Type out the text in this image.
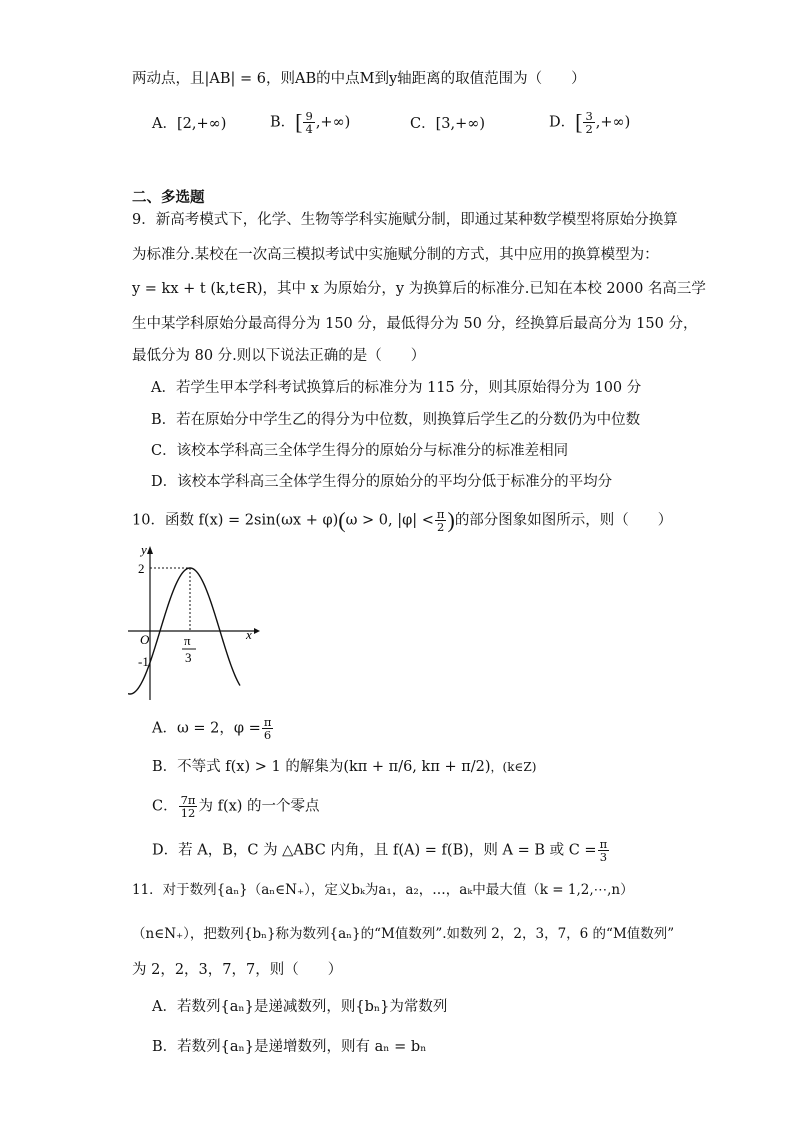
两动点，且|AB| = 6，则AB的中点M到y轴距离的取值范围为（　　）
A．[2,+∞)	B．[ $\frac{9}{4}$ ,+∞)	C．[3,+∞)	D．[ $\frac{3}{2}$ ,+∞)
二、多选题
9．新高考模式下，化学、生物等学科实施赋分制，即通过某种数学模型将原始分换算
为标准分.某校在一次高三模拟考试中实施赋分制的方式，其中应用的换算模型为：
y = kx + t (k,t∈R)，其中 x 为原始分，y 为换算后的标准分.已知在本校 2000 名高三学
生中某学科原始分最高得分为 150 分，最低得分为 50 分，经换算后最高分为 150 分，
最低分为 80 分.则以下说法正确的是（　　）
A．若学生甲本学科考试换算后的标准分为 115 分，则其原始得分为 100 分
B．若在原始分中学生乙的得分为中位数，则换算后学生乙的分数仍为中位数
C．该校本学科高三全体学生得分的原始分与标准分的标准差相同
D．该校本学科高三全体学生得分的原始分的平均分低于标准分的平均分
10．函数 f(x) = 2sin(ωx + φ)(ω > 0, $|\varphi| < \frac{\pi}{2}$ )的部分图象如图所示，则（　　）
y
x
O
2
-1
π
3
A．ω = 2，$\varphi = \frac{\pi}{6}$
B．不等式 f(x) > 1 的解集为(kπ + π/6, kπ + π/2)，(k∈Z)
C． $\frac{7\pi}{12}$ 为 f(x) 的一个零点
D．若 A，B，C 为 △ABC 内角，且 f(A) = f(B)，则 A = B 或 $C = \frac{\pi}{3}$
11．对于数列{aₙ}（aₙ∈N₊），定义bₖ为a₁，a₂，…，aₖ中最大值（k = 1,2,⋯,n）
（n∈N₊），把数列{bₙ}称为数列{aₙ}的“M值数列”.如数列 2，2，3，7，6 的“M值数列”
为 2，2，3，7，7，则（　　）
A．若数列{aₙ}是递减数列，则{bₙ}为常数列
B．若数列{aₙ}是递增数列，则有 aₙ = bₙ
